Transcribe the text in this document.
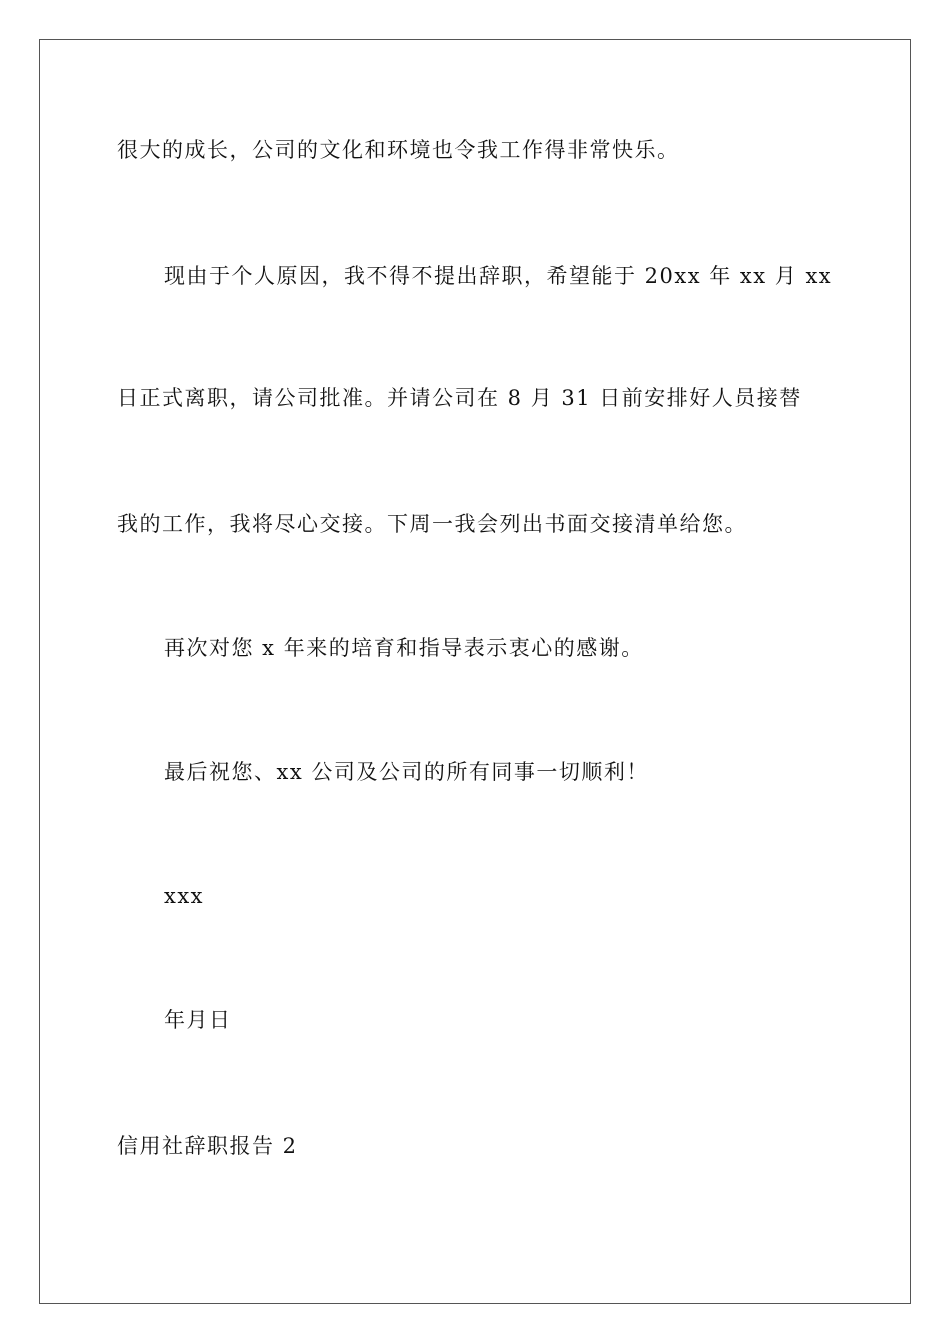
很大的成长，公司的文化和环境也令我工作得非常快乐。

现由于个人原因，我不得不提出辞职，希望能于 20xx 年 xx 月 xx

日正式离职，请公司批准。并请公司在 8 月 31 日前安排好人员接替

我的工作，我将尽心交接。下周一我会列出书面交接清单给您。

再次对您 x 年来的培育和指导表示衷心的感谢。

最后祝您、xx 公司及公司的所有同事一切顺利！

xxx

年月日

信用社辞职报告 2
